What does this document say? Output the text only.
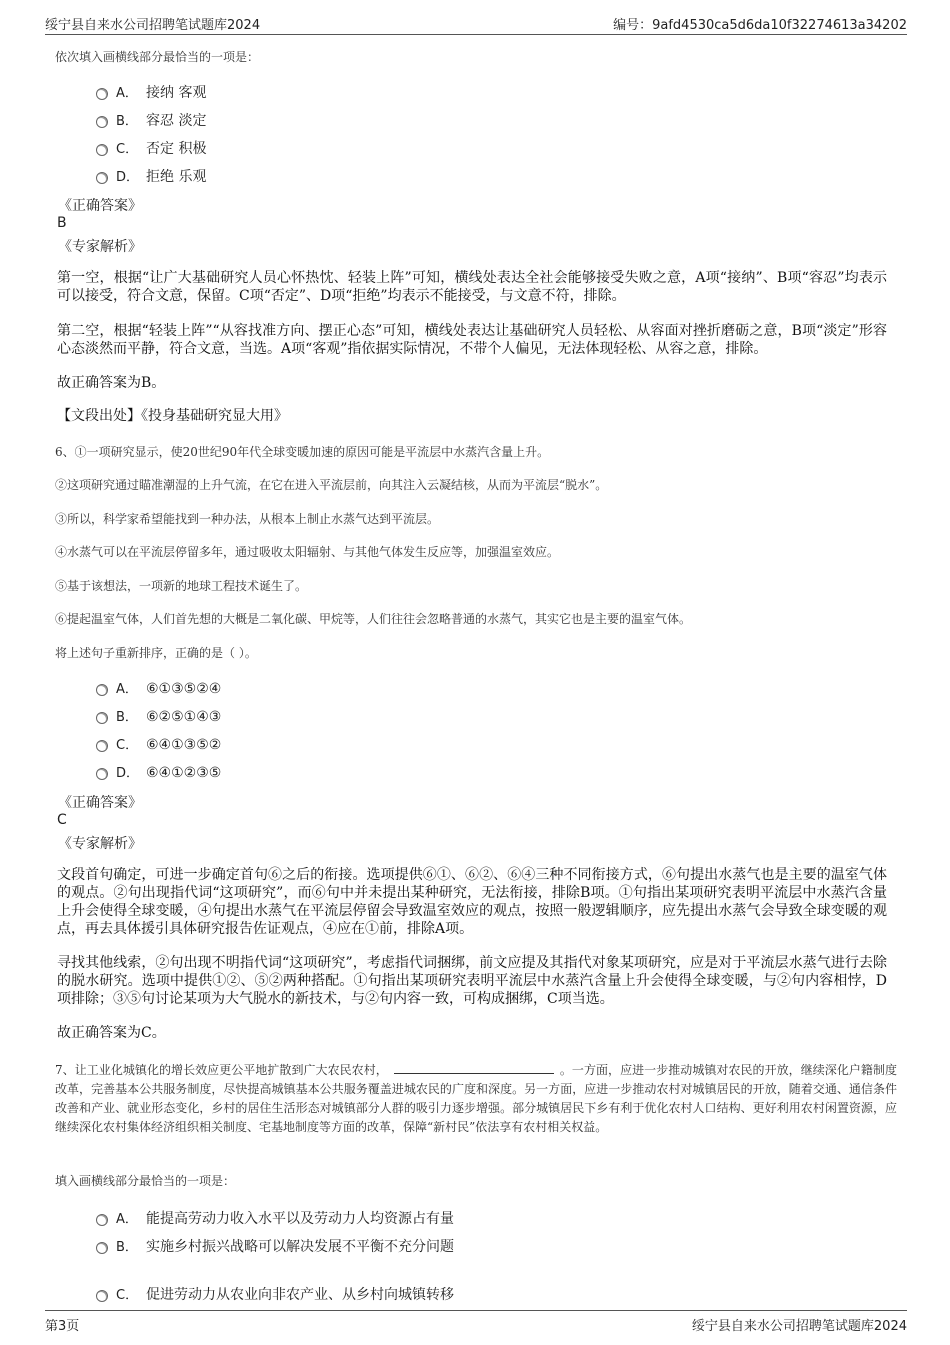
绥宁县自来水公司招聘笔试题库2024	编号：9afd4530ca5d6da10f32274613a34202
依次填入画横线部分最恰当的一项是：
A． 接纳 客观
B． 容忍 淡定
C． 否定 积极
D． 拒绝 乐观
《正确答案》
B
《专家解析》
第一空，根据“让广大基础研究人员心怀热忱、轻装上阵”可知，横线处表达全社会能够接受失败之意，A项“接纳”、B项“容忍”均表示可以接受，符合文意，保留。C项“否定”、D项“拒绝”均表示不能接受，与文意不符，排除。
第二空，根据“轻装上阵”“从容找准方向、摆正心态”可知，横线处表达让基础研究人员轻松、从容面对挫折磨砺之意，B项“淡定”形容心态淡然而平静，符合文意，当选。A项“客观”指依据实际情况，不带个人偏见，无法体现轻松、从容之意，排除。
故正确答案为B。
【文段出处】《投身基础研究显大用》
6、①一项研究显示，使20世纪90年代全球变暖加速的原因可能是平流层中水蒸汽含量上升。
②这项研究通过瞄准潮湿的上升气流，在它在进入平流层前，向其注入云凝结核，从而为平流层“脱水”。
③所以，科学家希望能找到一种办法，从根本上制止水蒸气达到平流层。
④水蒸气可以在平流层停留多年，通过吸收太阳辐射、与其他气体发生反应等，加强温室效应。
⑤基于该想法，一项新的地球工程技术诞生了。
⑥提起温室气体，人们首先想的大概是二氧化碳、甲烷等，人们往往会忽略普通的水蒸气，其实它也是主要的温室气体。
将上述句子重新排序，正确的是（ ）。
A． ⑥①③⑤②④
B． ⑥②⑤①④③
C． ⑥④①③⑤②
D． ⑥④①②③⑤
《正确答案》
C
《专家解析》
文段首句确定，可进一步确定首句⑥之后的衔接。选项提供⑥①、⑥②、⑥④三种不同衔接方式，⑥句提出水蒸气也是主要的温室气体的观点。②句出现指代词“这项研究”，而⑥句中并未提出某种研究，无法衔接，排除B项。①句指出某项研究表明平流层中水蒸汽含量上升会使得全球变暖，④句提出水蒸气在平流层停留会导致温室效应的观点，按照一般逻辑顺序，应先提出水蒸气会导致全球变暖的观点，再去具体援引具体研究报告佐证观点，④应在①前，排除A项。
寻找其他线索，②句出现不明指代词“这项研究”，考虑指代词捆绑，前文应提及其指代对象某项研究，应是对于平流层水蒸气进行去除的脱水研究。选项中提供①②、⑤②两种搭配。①句指出某项研究表明平流层中水蒸汽含量上升会使得全球变暖，与②句内容相悖，D项排除；③⑤句讨论某项为大气脱水的新技术，与②句内容一致，可构成捆绑，C项当选。
故正确答案为C。
7、让工业化城镇化的增长效应更公平地扩散到广大农民农村，	。一方面，应进一步推动城镇对农民的开放，继续深化户籍制度改革，完善基本公共服务制度，尽快提高城镇基本公共服务覆盖进城农民的广度和深度。另一方面，应进一步推动农村对城镇居民的开放，随着交通、通信条件改善和产业、就业形态变化，乡村的居住生活形态对城镇部分人群的吸引力逐步增强。部分城镇居民下乡有利于优化农村人口结构、更好利用农村闲置资源，应继续深化农村集体经济组织相关制度、宅基地制度等方面的改革，保障“新村民”依法享有农村相关权益。
填入画横线部分最恰当的一项是：
A． 能提高劳动力收入水平以及劳动力人均资源占有量
B． 实施乡村振兴战略可以解决发展不平衡不充分问题
C． 促进劳动力从农业向非农产业、从乡村向城镇转移
第3页	绥宁县自来水公司招聘笔试题库2024
